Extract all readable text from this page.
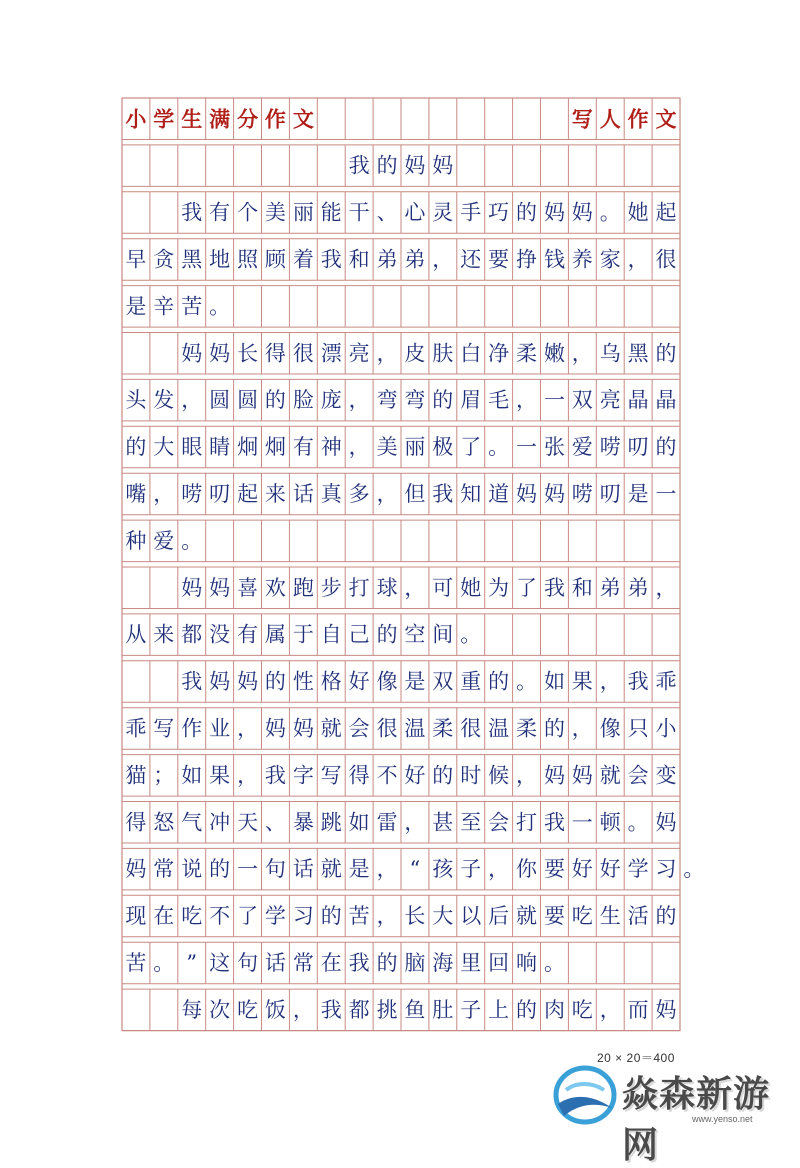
小 学 生 满 分 作 文	写 人 作 文
我 的 妈 妈
我 有 个 美 丽 能 干 、 心 灵 手 巧 的 妈 妈 。 她 起
早 贪 黑 地 照 顾 着 我 和 弟 弟 ， 还 要 挣 钱 养 家 ， 很
是 辛 苦 。
妈 妈 长 得 很 漂 亮 ， 皮 肤 白 净 柔 嫩 ， 乌 黑 的
头 发 ， 圆 圆 的 脸 庞 ， 弯 弯 的 眉 毛 ， 一 双 亮 晶 晶
的 大 眼 睛 炯 炯 有 神 ， 美 丽 极 了 。 一 张 爱 唠 叨 的
嘴 ， 唠 叨 起 来 话 真 多 ， 但 我 知 道 妈 妈 唠 叨 是 一
种 爱 。
妈 妈 喜 欢 跑 步 打 球 ， 可 她 为 了 我 和 弟 弟 ，
从 来 都 没 有 属 于 自 己 的 空 间 。
我 妈 妈 的 性 格 好 像 是 双 重 的 。 如 果 ， 我 乖
乖 写 作 业 ， 妈 妈 就 会 很 温 柔 很 温 柔 的 ， 像 只 小
猫 ； 如 果 ， 我 字 写 得 不 好 的 时 候 ， 妈 妈 就 会 变
得 怒 气 冲 天 、 暴 跳 如 雷 ， 甚 至 会 打 我 一 顿 。 妈
妈 常 说 的 一 句 话 就 是 ， “ 孩 子 ， 你 要 好 好 学 习 。
现 在 吃 不 了 学 习 的 苦 ， 长 大 以 后 就 要 吃 生 活 的
苦 。 ” 这 句 话 常 在 我 的 脑 海 里 回 响 。
每 次 吃 饭 ， 我 都 挑 鱼 肚 子 上 的 肉 吃 ， 而 妈
20 × 20＝400
焱森新游网
www.yenso.net
